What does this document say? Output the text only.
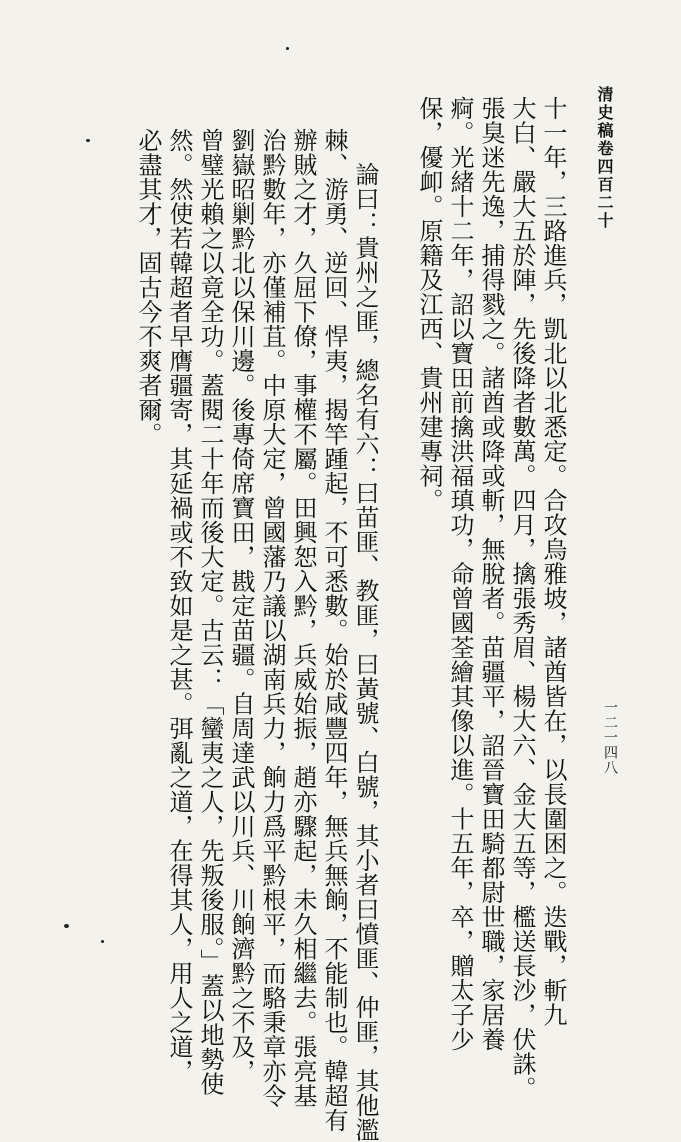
清史稿卷四百二十
一二一四八
十一年，三路進兵，凱北以北悉定。合攻烏雅坡，諸酋皆在，以長圍困之。迭戰，斬九
大白、嚴大五於陣，先後降者數萬。四月，擒張秀眉、楊大六、金大五等，檻送長沙，伏誅。
張臭迷先逸，捕得戮之。諸酋或降或斬，無脫者。苗疆平，詔晉寶田騎都尉世職，家居養
痾。光緒十二年，詔以寶田前擒洪福瑱功，命曾國荃繪其像以進。十五年，卒，贈太子少
保，優卹。原籍及江西、貴州建專祠。
論曰：貴州之匪，總名有六：曰苗匪、教匪，曰黃號、白號，其小者曰憤匪、仲匪，其他濫
棘、游勇、逆回、悍夷，揭竿踵起，不可悉數。始於咸豐四年，無兵無餉，不能制也。韓超有
辦賊之才，久屈下僚，事權不屬。田興恕入黔，兵威始振，趙亦驟起，未久相繼去。張亮基
治黔數年，亦僅補苴。中原大定，曾國藩乃議以湖南兵力，餉力爲平黔根平，而駱秉章亦令
劉嶽昭剿黔北以保川邊。後專倚席寶田，戡定苗疆。自周達武以川兵、川餉濟黔之不及，
曾璧光賴之以竟全功。蓋閱二十年而後大定。古云：「蠻夷之人，先叛後服。」蓋以地勢使
然。然使若韓超者早膺疆寄，其延禍或不致如是之甚。弭亂之道，在得其人，用人之道，
必盡其才，固古今不爽者爾。
